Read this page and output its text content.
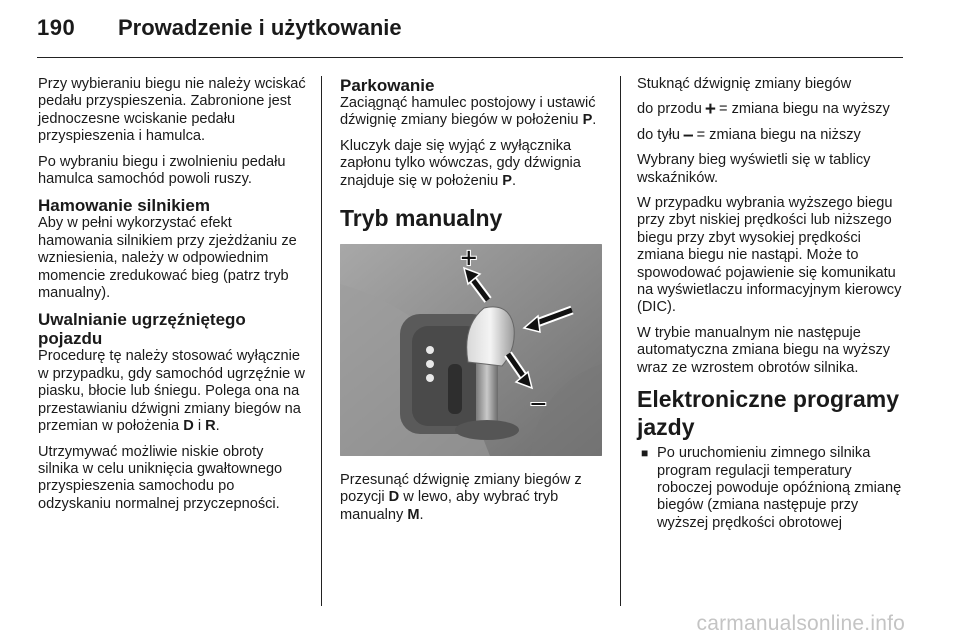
190 Prowadzenie i użytkowanie

Przy wybieraniu biegu nie należy wciskać pedału przyspieszenia. Zabronione jest jednoczesne wciskanie pedału przyspieszenia i hamulca.

Po wybraniu biegu i zwolnieniu pedału hamulca samochód powoli ruszy.

Hamowanie silnikiem

Aby w pełni wykorzystać efekt hamowania silnikiem przy zjeżdżaniu ze wzniesienia, należy w odpowiednim momencie zredukować bieg (patrz tryb manualny).

Uwalnianie ugrzęźniętego pojazdu

Procedurę tę należy stosować wyłącznie w przypadku, gdy samochód ugrzęźnie w piasku, błocie lub śniegu. Polega ona na przestawianiu dźwigni zmiany biegów na przemian w położenia D i R.

Utrzymywać możliwie niskie obroty silnika w celu uniknięcia gwałtownego przyspieszenia samochodu po odzyskaniu normalnej przyczepności.

Parkowanie

Zaciągnąć hamulec postojowy i ustawić dźwignię zmiany biegów w położeniu P.

Kluczyk daje się wyjąć z wyłącznika zapłonu tylko wówczas, gdy dźwignia znajduje się w położeniu P.

Tryb manualny
+
–

Przesunąć dźwignię zmiany biegów z pozycji D w lewo, aby wybrać tryb manualny M.

Stuknąć dźwignię zmiany biegów

do przodu + = zmiana biegu na wyższy
do tyłu – = zmiana biegu na niższy

Wybrany bieg wyświetli się w tablicy wskaźników.

W przypadku wybrania wyższego biegu przy zbyt niskiej prędkości lub niższego biegu przy zbyt wysokiej prędkości zmiana biegu nie nastąpi. Może to spowodować pojawienie się komunikatu na wyświetlaczu informacyjnym kierowcy (DIC).

W trybie manualnym nie następuje automatyczna zmiana biegu na wyższy wraz ze wzrostem obrotów silnika.

Elektroniczne programy jazdy
■ Po uruchomieniu zimnego silnika program regulacji temperatury roboczej powoduje opóźnioną zmianę biegów (zmiana następuje przy wyższej prędkości obrotowej
carmanualsonline.info
